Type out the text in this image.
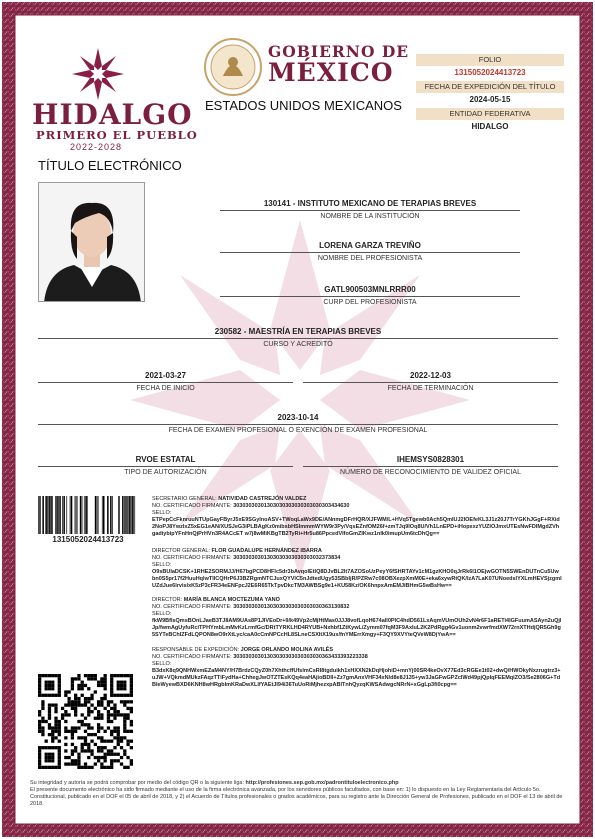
HIDALGO
PRIMERO EL PUEBLO
2022-2028
TÍTULO ELECTRÓNICO
GOBIERNO DE
MÉXICO
ESTADOS UNIDOS MEXICANOS
FOLIO
1315052024413723
FECHA DE EXPEDICIÓN DEL TÍTULO
2024-05-15
ENTIDAD FEDERATIVA
HIDALGO
130141 - INSTITUTO MEXICANO DE TERAPIAS BREVES
NOMBRE DE LA INSTITUCIÓN
LORENA GARZA TREVIÑO
NOMBRE DEL PROFESIONISTA
GATL900503MNLRRR00
CURP DEL PROFESIONISTA
230582 - MAESTRÍA EN TERAPIAS BREVES
CURSO Y ACREDITÓ
2021-03-27
FECHA DE INICIO
2022-12-03
FECHA DE TERMINACIÓN
2023-10-14
FECHA DE EXAMEN PROFESIONAL O EXENCIÓN DE EXAMEN PROFESIONAL
RVOE ESTATAL
TIPO DE AUTORIZACIÓN
IHEMSYS0828301
NÚMERO DE RECONOCIMIENTO DE VALIDEZ OFICIAL
1315052024413723
SECRETARIO GENERAL: NATIVIDAD CASTREJÓN VALDEZ
NO. CERTIFICADO FIRMANTE: 30303030301303030303030303030303434630
SELLO:
ETPepCcFknruuNTUpGayFByrJ5xE9SGylnoASV+TWoqLaWx9DE/ANnmgDFrHQR/XJFWM/L+HVq5Tgewb0Ach5QmIUJ2IOEfeKL3J1z20J7TrYGKhJGgF+RXid2NoPJ8YwzIxZ5xEG1eAN/XUSJeG3iPLBAgKz0mibsbHSImmmWYW9r3Py/VqsEZnfOM26f+zmTJq9lOq8U/Vh1LnEPD+iHopxxzYUZIOJmxUTEsNwFDIMgdZVhgadiybipYFnHnQjPrHVn3R4ACcET w7j8wMiKBgTB2TyRi+Hr5u86PpcedVIfoGmZIKwz1nIk0imupUm6tcDhQg==
DIRECTOR GENERAL: FLOR GUADALUPE HERNÁNDEZ IBARRA
NO. CERTIFICADO FIRMANTE: 30303030301303030303030303032373834
SELLO:
O9sBUIaDCSK+1RHE2SORMJJ/H67bgPCD8HFlc5dr3bAvqolEtIQ8DJvBL2lt7AZOSoUzPeyY6fSHRTAYv1cM1gzKHO0qJrRk6I1OEjwGOTN5SWEnDUTnCu5Uwbn0S5pr17f2HuuHqlwTIlCQHrP6J3BZRgmNTCJuxQYVlC5nJdtedUgy53SBbIjR/PZRw7c08OBXezpXmM0E+eka6xywRtQK/IzA7LaK07UNoedsIYXLmHEVSjzgmIUZdJue6lrvislxK5zP3cFR34eENFpcJ2E6R65TkTpvDkcTM3AWBSg9e1+KU58Kz/OK6hnpxAmEMJiBHmG5wBsHw==
DIRECTOR: MARÍA BLANCA MOCTEZUMA YANO
NO. CERTIFICADO FIRMANTE: 30303030301303030303030303030363130832
SELLO:
fkW9BfIsQmsBOnLJaeB3TJ8AM9UAs8P1JIVEoDr+9/k49Vp2cMjHtMas0JJJ8vofLqoH674all0PIC4hdD561LxAqmVUmOUh2vN4r6F1aRETi4IGFuumASAyn2uQjlJp/fwmAgUyfuRciTPHYmbLmMvKzLrmfGc/DRtTYRKLHD4RYUB+Nxhbf1ZtKywL/Zymm07fqM3F9AxIuL2K2PdRgg4Gv1uonm2vwrfmdXW72rnXTHdjQR5Gh9g5SYTeBChIZFdLQPON8wO9rXtLyc/caA0cCmNPCcHL8SLneCSXItX19ux/fnYMErrXmgy+F3QY9XVYteQVeW8DjYwA==
RESPONSABLE DE EXPEDICIÓN: JORGE ORLANDO MOLINA AVILÉS
NO. CERTIFICADO FIRMANTE: 30303030301303030303030303030363433393223338
SELLO:
B3dxK8q9QNHWxmEZaM4NY/H7BrdzCQyZ0h7XhthcffUfslmCsRI8tgduikh1xHXXN2kDqHjohiD+mnYj00SR4keOvX77Ed3cRGEe1t02+dwQ/HWOkyNxzrugtrz3+uJW+VQkmdMUkzFAqzTTiFydHa+ChhegJwOTZTEsKQq4eaHAjioBDIl+Zz7gmAnxVHF34xN/d8e8J135+yw3JaGFwGPZclWd49pjQpIqFEEMqlZO3/Se2806G+TdBIeWyewBXD6KNH8wHRgblmKRaDwXLlfYAEtJI94i36TuUoRiMjhezxpABITnhQyzqKWSAdwgcNRrN+xGgLp3fi0cpg==
Su integridad y autoría se podrá comprobar por medio del código QR o la siguiente liga: http://profesiones.sep.gob.mx/padrontituloelectronico.php
El presente documento electrónico ha sido firmado mediante el uso de la firma electrónica avanzada, por los servidores públicos facultados, con base en: 1) lo dispuesto en la Ley Reglamentaria del Artículo 5o. Constitucional, publicado en el DOF el 05 de abril de 2018, y 2) el Acuerdo de Títulos profesionales o grados académicos, para su registro ante la Dirección General de Profesiones, publicado en el DOF el 13 de abril de 2018.
